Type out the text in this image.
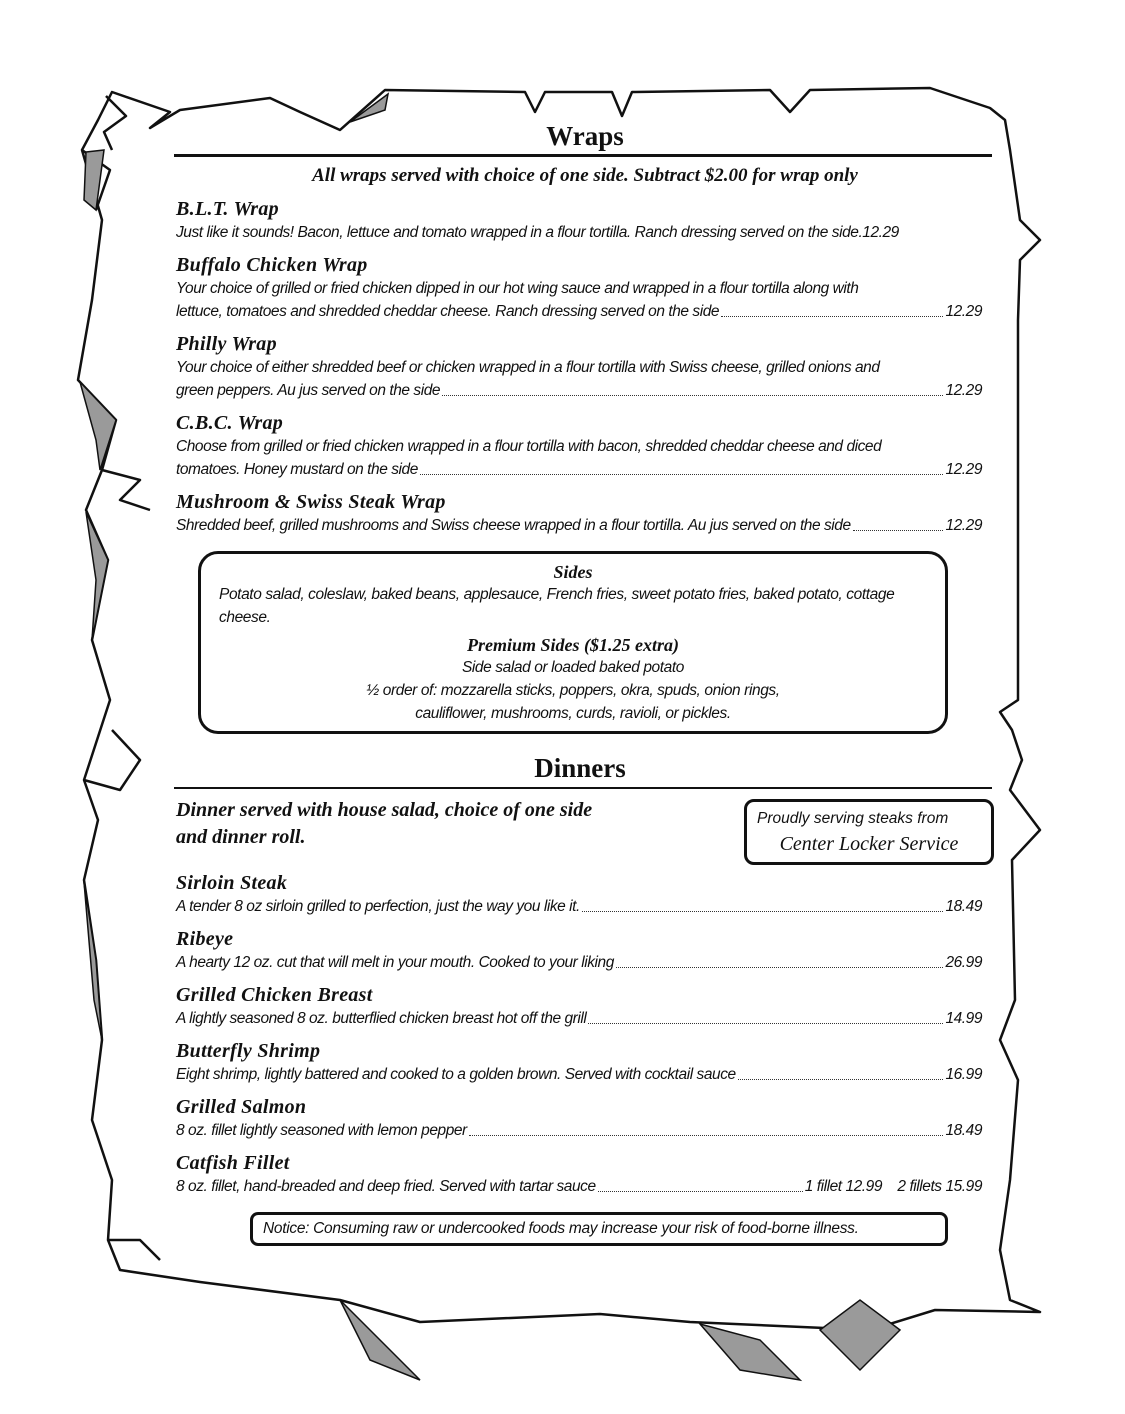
Wraps
All wraps served with choice of one side. Subtract $2.00 for wrap only
B.L.T. Wrap
Just like it sounds! Bacon, lettuce and tomato wrapped in a flour tortilla. Ranch dressing served on the side. 12.29
Buffalo Chicken Wrap
Your choice of grilled or fried chicken dipped in our hot wing sauce and wrapped in a flour tortilla along with
lettuce, tomatoes and shredded cheddar cheese. Ranch dressing served on the side	12.29
Philly Wrap
Your choice of either shredded beef or chicken wrapped in a flour tortilla with Swiss cheese, grilled onions and
green peppers. Au jus served on the side	12.29
C.B.C. Wrap
Choose from grilled or fried chicken wrapped in a flour tortilla with bacon, shredded cheddar cheese and diced
tomatoes. Honey mustard on the side	12.29
Mushroom & Swiss Steak Wrap
Shredded beef, grilled mushrooms and Swiss cheese wrapped in a flour tortilla. Au jus served on the side	12.29
Sides
Potato salad, coleslaw, baked beans, applesauce, French fries, sweet potato fries, baked potato, cottage cheese.
Premium Sides ($1.25 extra)
Side salad or loaded baked potato
½ order of: mozzarella sticks, poppers, okra, spuds, onion rings,
cauliflower, mushrooms, curds, ravioli, or pickles.
Dinners
Dinner served with house salad, choice of one side
and dinner roll.
Proudly serving steaks from
Center Locker Service
Sirloin Steak
A tender 8 oz sirloin grilled to perfection, just the way you like it.	18.49
Ribeye
A hearty 12 oz. cut that will melt in your mouth. Cooked to your liking	26.99
Grilled Chicken Breast
A lightly seasoned 8 oz. butterflied chicken breast hot off the grill	14.99
Butterfly Shrimp
Eight shrimp, lightly battered and cooked to a golden brown. Served with cocktail sauce	16.99
Grilled Salmon
8 oz. fillet lightly seasoned with lemon pepper	18.49
Catfish Fillet
8 oz. fillet, hand-breaded and deep fried. Served with tartar sauce	1 fillet 12.99    2 fillets 15.99
Notice: Consuming raw or undercooked foods may increase your risk of food-borne illness.
